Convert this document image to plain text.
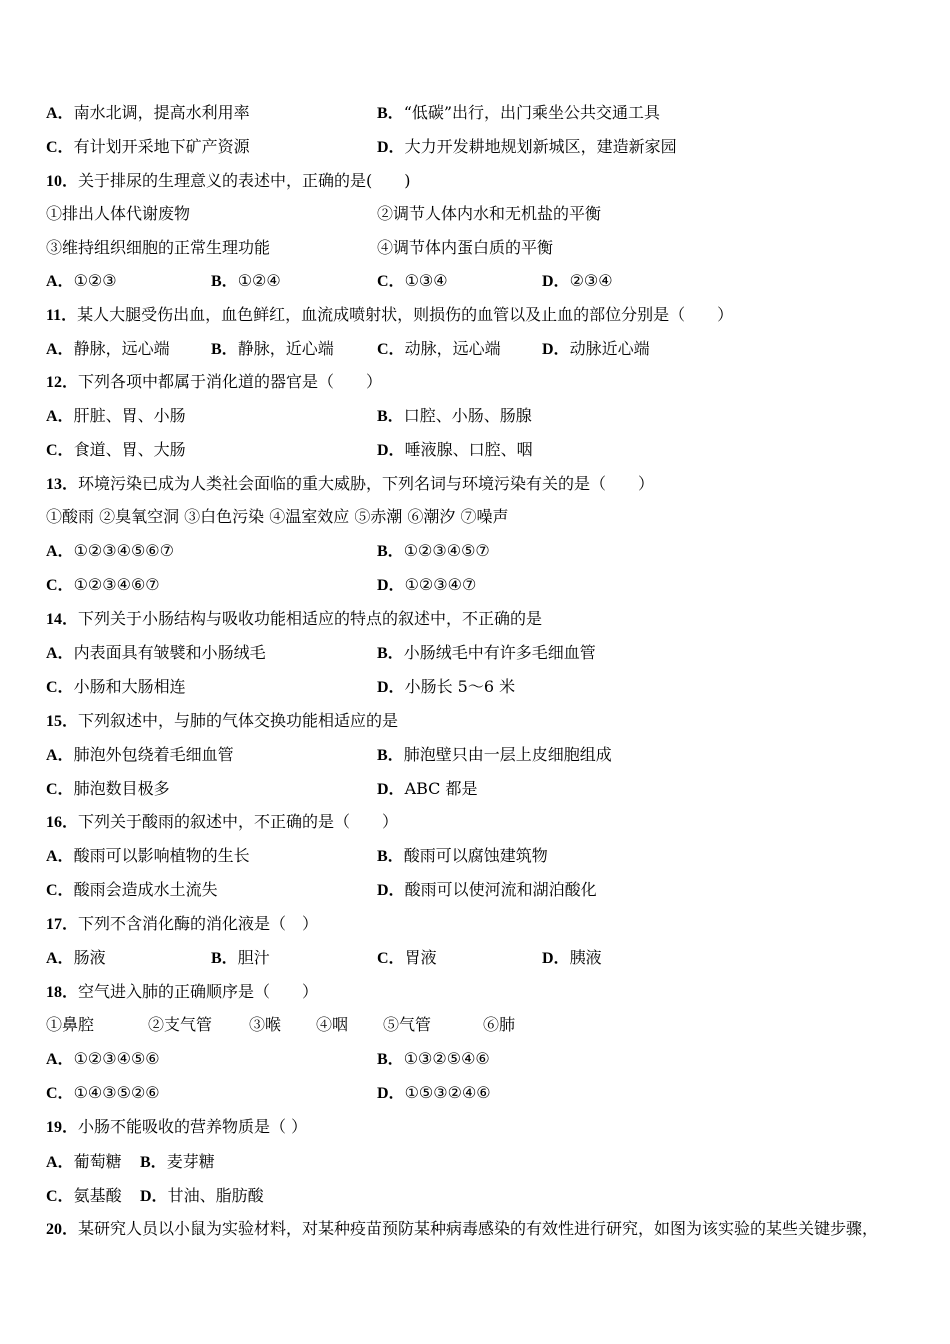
A．南水北调，提高水利用率	B．“低碳”出行，出门乘坐公共交通工具
C．有计划开采地下矿产资源	D．大力开发耕地规划新城区，建造新家园
10．关于排尿的生理意义的表述中，正确的是(　　)
①排出人体代谢废物	②调节人体内水和无机盐的平衡
③维持组织细胞的正常生理功能	④调节体内蛋白质的平衡
A．①②③	B．①②④	C．①③④	D．②③④
11．某人大腿受伤出血，血色鲜红，血流成喷射状，则损伤的血管以及止血的部位分别是（　　）
A．静脉，远心端	B．静脉，近心端	C．动脉，远心端	D．动脉近心端
12．下列各项中都属于消化道的器官是（　　）
A．肝脏、胃、小肠	B．口腔、小肠、肠腺
C．食道、胃、大肠	D．唾液腺、口腔、咽
13．环境污染已成为人类社会面临的重大威胁，下列名词与环境污染有关的是（　　）
①酸雨 ②臭氧空洞 ③白色污染 ④温室效应 ⑤赤潮 ⑥潮汐 ⑦噪声
A．①②③④⑤⑥⑦	B．①②③④⑤⑦
C．①②③④⑥⑦	D．①②③④⑦
14．下列关于小肠结构与吸收功能相适应的特点的叙述中，不正确的是
A．内表面具有皱襞和小肠绒毛	B．小肠绒毛中有许多毛细血管
C．小肠和大肠相连	D．小肠长 5～6 米
15．下列叙述中，与肺的气体交换功能相适应的是
A．肺泡外包绕着毛细血管	B．肺泡壁只由一层上皮细胞组成
C．肺泡数目极多	D．ABC 都是
16．下列关于酸雨的叙述中，不正确的是（　　）
A．酸雨可以影响植物的生长	B．酸雨可以腐蚀建筑物
C．酸雨会造成水土流失	D．酸雨可以使河流和湖泊酸化
17．下列不含消化酶的消化液是（　）
A．肠液	B．胆汁	C．胃液	D．胰液
18．空气进入肺的正确顺序是（　　）
①鼻腔	②支气管 ③喉 ④咽 ⑤气管	⑥肺
A．①②③④⑤⑥	B．①③②⑤④⑥
C．①④③⑤②⑥	D．①⑤③②④⑥
19．小肠不能吸收的营养物质是（ ）
A．葡萄糖 B．麦芽糖
C．氨基酸 D．甘油、脂肪酸
20．某研究人员以小鼠为实验材料，对某种疫苗预防某种病毒感染的有效性进行研究，如图为该实验的某些关键步骤，
